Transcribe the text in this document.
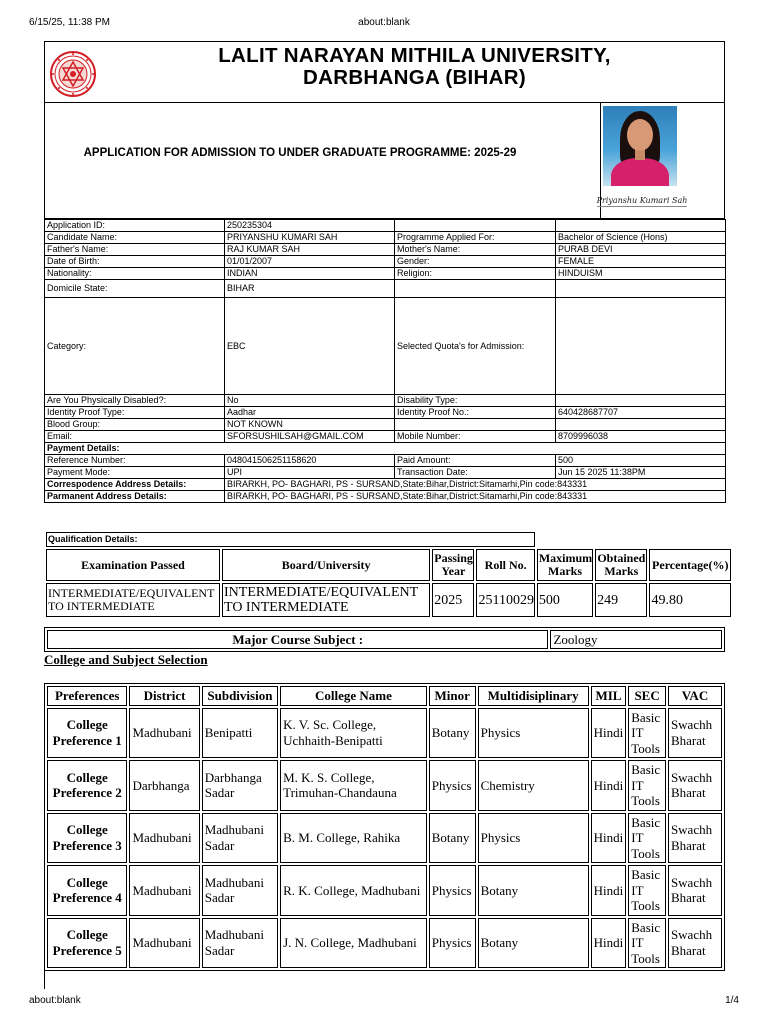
6/15/25, 11:38 PM	about:blank
LALIT NARAYAN MITHILA UNIVERSITY,
DARBHANGA (BIHAR)
APPLICATION FOR ADMISSION TO UNDER GRADUATE PROGRAMME: 2025-29
Priyanshu Kumari Sah
Application ID:	250235304		
Candidate Name:	PRIYANSHU KUMARI SAH	Programme Applied For:	Bachelor of Science (Hons)
Father's Name:	RAJ KUMAR SAH	Mother's Name:	PURAB DEVI
Date of Birth:	01/01/2007	Gender:	FEMALE
Nationality:	INDIAN	Religion:	HINDUISM
Domicile State:	BIHAR		
Category:	EBC	Selected Quota's for Admission:	
Are You Physically Disabled?:	No	Disability Type:	
Identity Proof Type:	Aadhar	Identity Proof No.:	640428687707
Blood Group:	NOT KNOWN		
Email:	SFORSUSHILSAH@GMAIL.COM	Mobile Number:	8709996038
Payment Details:			
Reference Number:	048041506251158620	Paid Amount:	500
Payment Mode:	UPI	Transaction Date:	Jun 15 2025 11:38PM
Correspodence Address Details:	BIRARKH, PO- BAGHARI, PS - SURSAND,State:Bihar,District:Sitamarhi,Pin code:843331		
Parmanent Address Details:	BIRARKH, PO- BAGHARI, PS - SURSAND,State:Bihar,District:Sitamarhi,Pin code:843331		
Qualification Details:						
Examination Passed	Board/University	Passing Year	Roll No.	Maximum Marks	Obtained Marks	Percentage(%)
INTERMEDIATE/EQUIVALENT TO INTERMEDIATE	INTERMEDIATE/EQUIVALENT TO INTERMEDIATE	2025	25110029	500	249	49.80
Major Course Subject :	Zoology
College and Subject Selection
Preferences	District	Subdivision	College Name	Minor	Multidisiplinary	MIL	SEC	VAC
College Preference 1	Madhubani	Benipatti	K. V. Sc. College, Uchhaith-Benipatti	Botany	Physics	Hindi	Basic IT Tools	Swachh Bharat
College Preference 2	Darbhanga	Darbhanga Sadar	M. K. S. College, Trimuhan-Chandauna	Physics	Chemistry	Hindi	Basic IT Tools	Swachh Bharat
College Preference 3	Madhubani	Madhubani Sadar	B. M. College, Rahika	Botany	Physics	Hindi	Basic IT Tools	Swachh Bharat
College Preference 4	Madhubani	Madhubani Sadar	R. K. College, Madhubani	Physics	Botany	Hindi	Basic IT Tools	Swachh Bharat
College Preference 5	Madhubani	Madhubani Sadar	J. N. College, Madhubani	Physics	Botany	Hindi	Basic IT Tools	Swachh Bharat
about:blank	1/4
